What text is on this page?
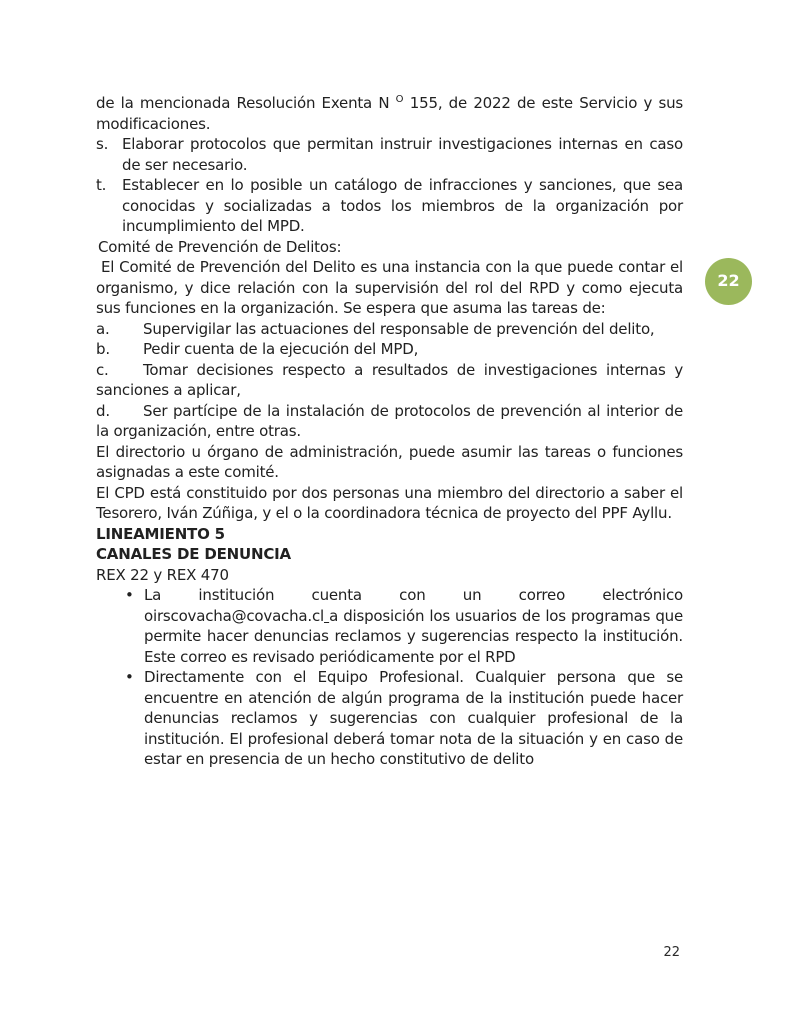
de la mencionada Resolución Exenta N $^O$ 155, de 2022 de este Servicio y sus modificaciones.

s. Elaborar protocolos que permitan instruir investigaciones internas en caso de ser necesario.
t.	Establecer en lo posible un catálogo de infracciones y sanciones, que sea conocidas y socializadas a todos los miembros de la organización por incumplimiento del MPD.

Comité de Prevención de Delitos:

El Comité de Prevención del Delito es una instancia con la que puede contar el organismo, y dice relación con la supervisión del rol del RPD y como ejecuta sus funciones en la organización. Se espera que asuma las tareas de:

a. Supervigilar las actuaciones del responsable de prevención del delito,
b. Pedir cuenta de la ejecución del MPD,
c. Tomar decisiones respecto a resultados de investigaciones internas y sanciones a aplicar,
d. Ser partícipe de la instalación de protocolos de prevención al interior de la organización, entre otras.

El directorio u órgano de administración, puede asumir las tareas o funciones asignadas a este comité.

El CPD está constituido por dos personas una miembro del directorio a saber el Tesorero, Iván Zúñiga, y el o la coordinadora técnica de proyecto del PPF Ayllu.

LINEAMIENTO 5
CANALES DE DENUNCIA

REX 22 y REX 470

• La institución cuenta con un correo electrónico oirscovacha@covacha.cl a disposición los usuarios de los programas que permite hacer denuncias reclamos y sugerencias respecto la institución. Este correo es revisado periódicamente por el RPD
• Directamente con el Equipo Profesional. Cualquier persona que se encuentre en atención de algún programa de la institución puede hacer denuncias reclamos y sugerencias con cualquier profesional de la institución. El profesional deberá tomar nota de la situación y en caso de estar en presencia de un hecho constitutivo de delito
22
22
